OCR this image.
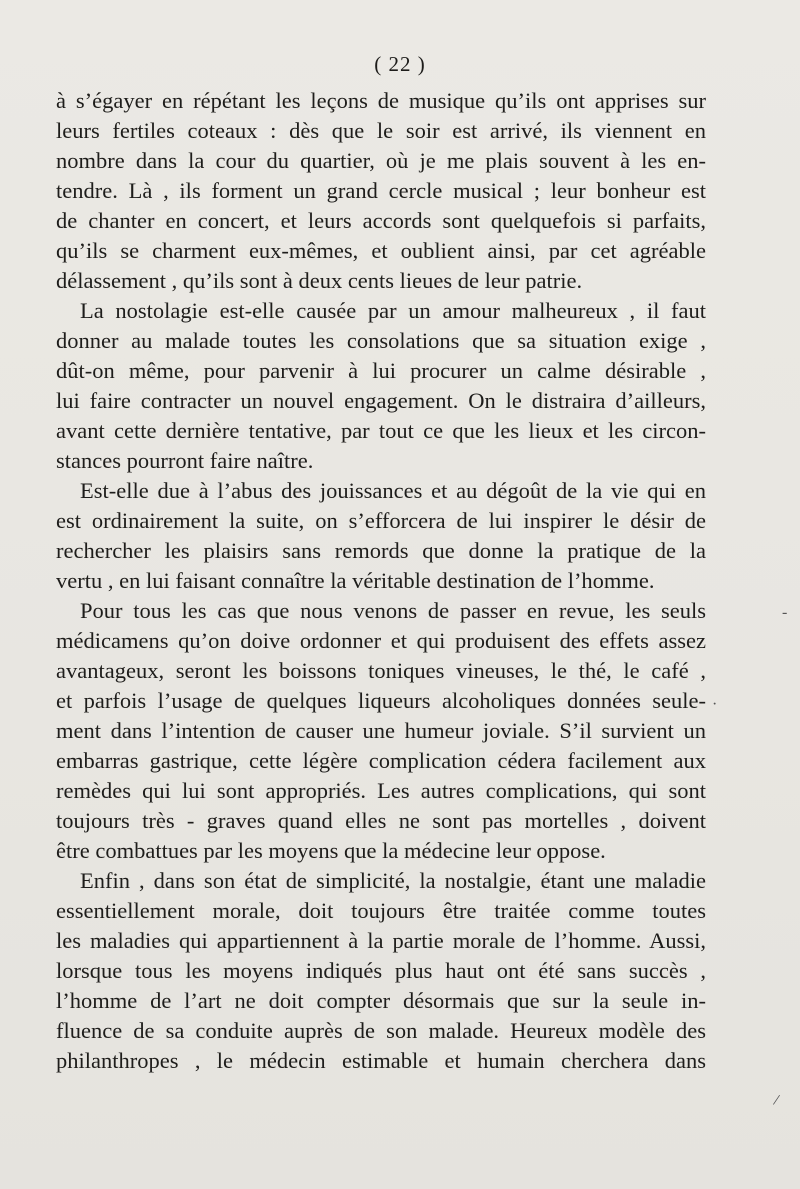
( 22 )
à s’égayer en répétant les leçons de musique qu’ils ont apprises sur
leurs fertiles coteaux : dès que le soir est arrivé, ils viennent en
nombre dans la cour du quartier, où je me plais souvent à les en-
tendre. Là , ils forment un grand cercle musical ; leur bonheur est
de chanter en concert, et leurs accords sont quelquefois si parfaits,
qu’ils se charment eux-mêmes, et oublient ainsi, par cet agréable
délassement , qu’ils sont à deux cents lieues de leur patrie.
La nostolagie est-elle causée par un amour malheureux , il faut
donner au malade toutes les consolations que sa situation exige ,
dût-on même, pour parvenir à lui procurer un calme désirable ,
lui faire contracter un nouvel engagement. On le distraira d’ailleurs,
avant cette dernière tentative, par tout ce que les lieux et les circon-
stances pourront faire naître.
Est-elle due à l’abus des jouissances et au dégoût de la vie qui en
est ordinairement la suite, on s’efforcera de lui inspirer le désir de
rechercher les plaisirs sans remords que donne la pratique de la
vertu , en lui faisant connaître la véritable destination de l’homme.
Pour tous les cas que nous venons de passer en revue, les seuls
médicamens qu’on doive ordonner et qui produisent des effets assez
avantageux, seront les boissons toniques vineuses, le thé, le café ,
et parfois l’usage de quelques liqueurs alcoholiques données seule-
ment dans l’intention de causer une humeur joviale. S’il survient un
embarras gastrique, cette légère complication cédera facilement aux
remèdes qui lui sont appropriés. Les autres complications, qui sont
toujours très - graves quand elles ne sont pas mortelles , doivent
être combattues par les moyens que la médecine leur oppose.
Enfin , dans son état de simplicité, la nostalgie, étant une maladie
essentiellement morale, doit toujours être traitée comme toutes
les maladies qui appartiennent à la partie morale de l’homme. Aussi,
lorsque tous les moyens indiqués plus haut ont été sans succès ,
l’homme de l’art ne doit compter désormais que sur la seule in-
fluence de sa conduite auprès de son malade. Heureux modèle des
philanthropes , le médecin estimable et humain cherchera dans
-
·
/
